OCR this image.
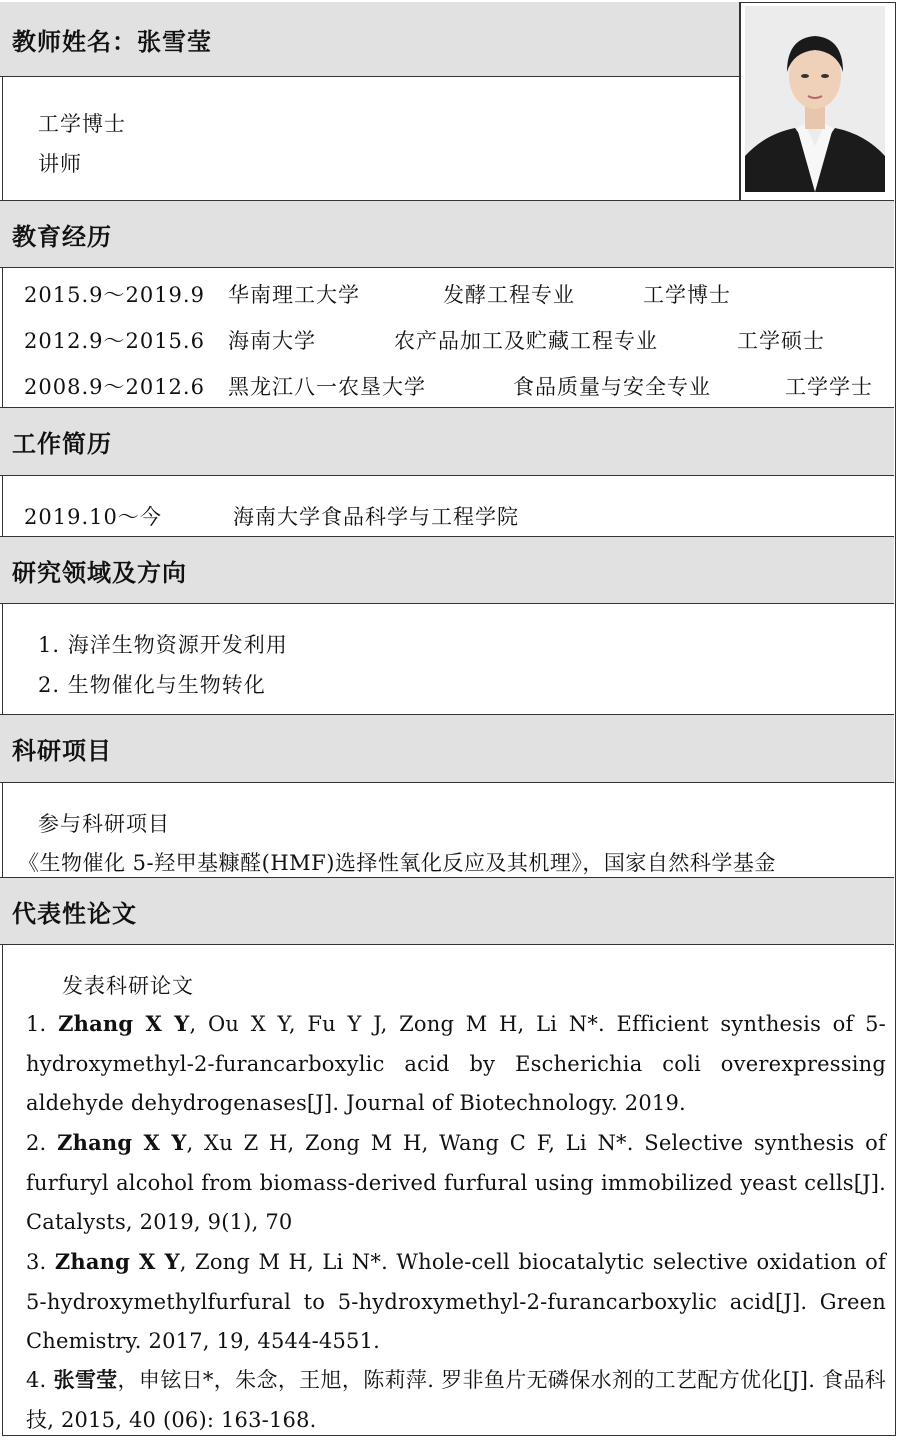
教师姓名：张雪莹
工学博士
讲师
教育经历
2015.9～2019.9 华南理工大学	发酵工程专业	工学博士
2012.9～2015.6 海南大学	农产品加工及贮藏工程专业	工学硕士
2008.9～2012.6 黑龙江八一农垦大学	食品质量与安全专业	工学学士
工作简历
2019.10～今	海南大学食品科学与工程学院
研究领域及方向
1. 海洋生物资源开发利用
2. 生物催化与生物转化
科研项目
参与科研项目
《生物催化 5-羟甲基糠醛(HMF)选择性氧化反应及其机理》，国家自然科学基金
代表性论文
发表科研论文
1. Zhang X Y, Ou X Y, Fu Y J, Zong M H, Li N*. Efficient synthesis of 5-hydroxymethyl-2-furancarboxylic acid by Escherichia coli overexpressing aldehyde dehydrogenases[J]. Journal of Biotechnology. 2019.
2. Zhang X Y, Xu Z H, Zong M H, Wang C F, Li N*. Selective synthesis of furfuryl alcohol from biomass-derived furfural using immobilized yeast cells[J]. Catalysts, 2019, 9(1), 70
3. Zhang X Y, Zong M H, Li N*. Whole-cell biocatalytic selective oxidation of 5-hydroxymethylfurfural to 5-hydroxymethyl-2-furancarboxylic acid[J]. Green Chemistry. 2017, 19, 4544-4551.
4. 张雪莹，申铉日*，朱念，王旭，陈莉萍. 罗非鱼片无磷保水剂的工艺配方优化[J]. 食品科技, 2015, 40 (06): 163-168.
